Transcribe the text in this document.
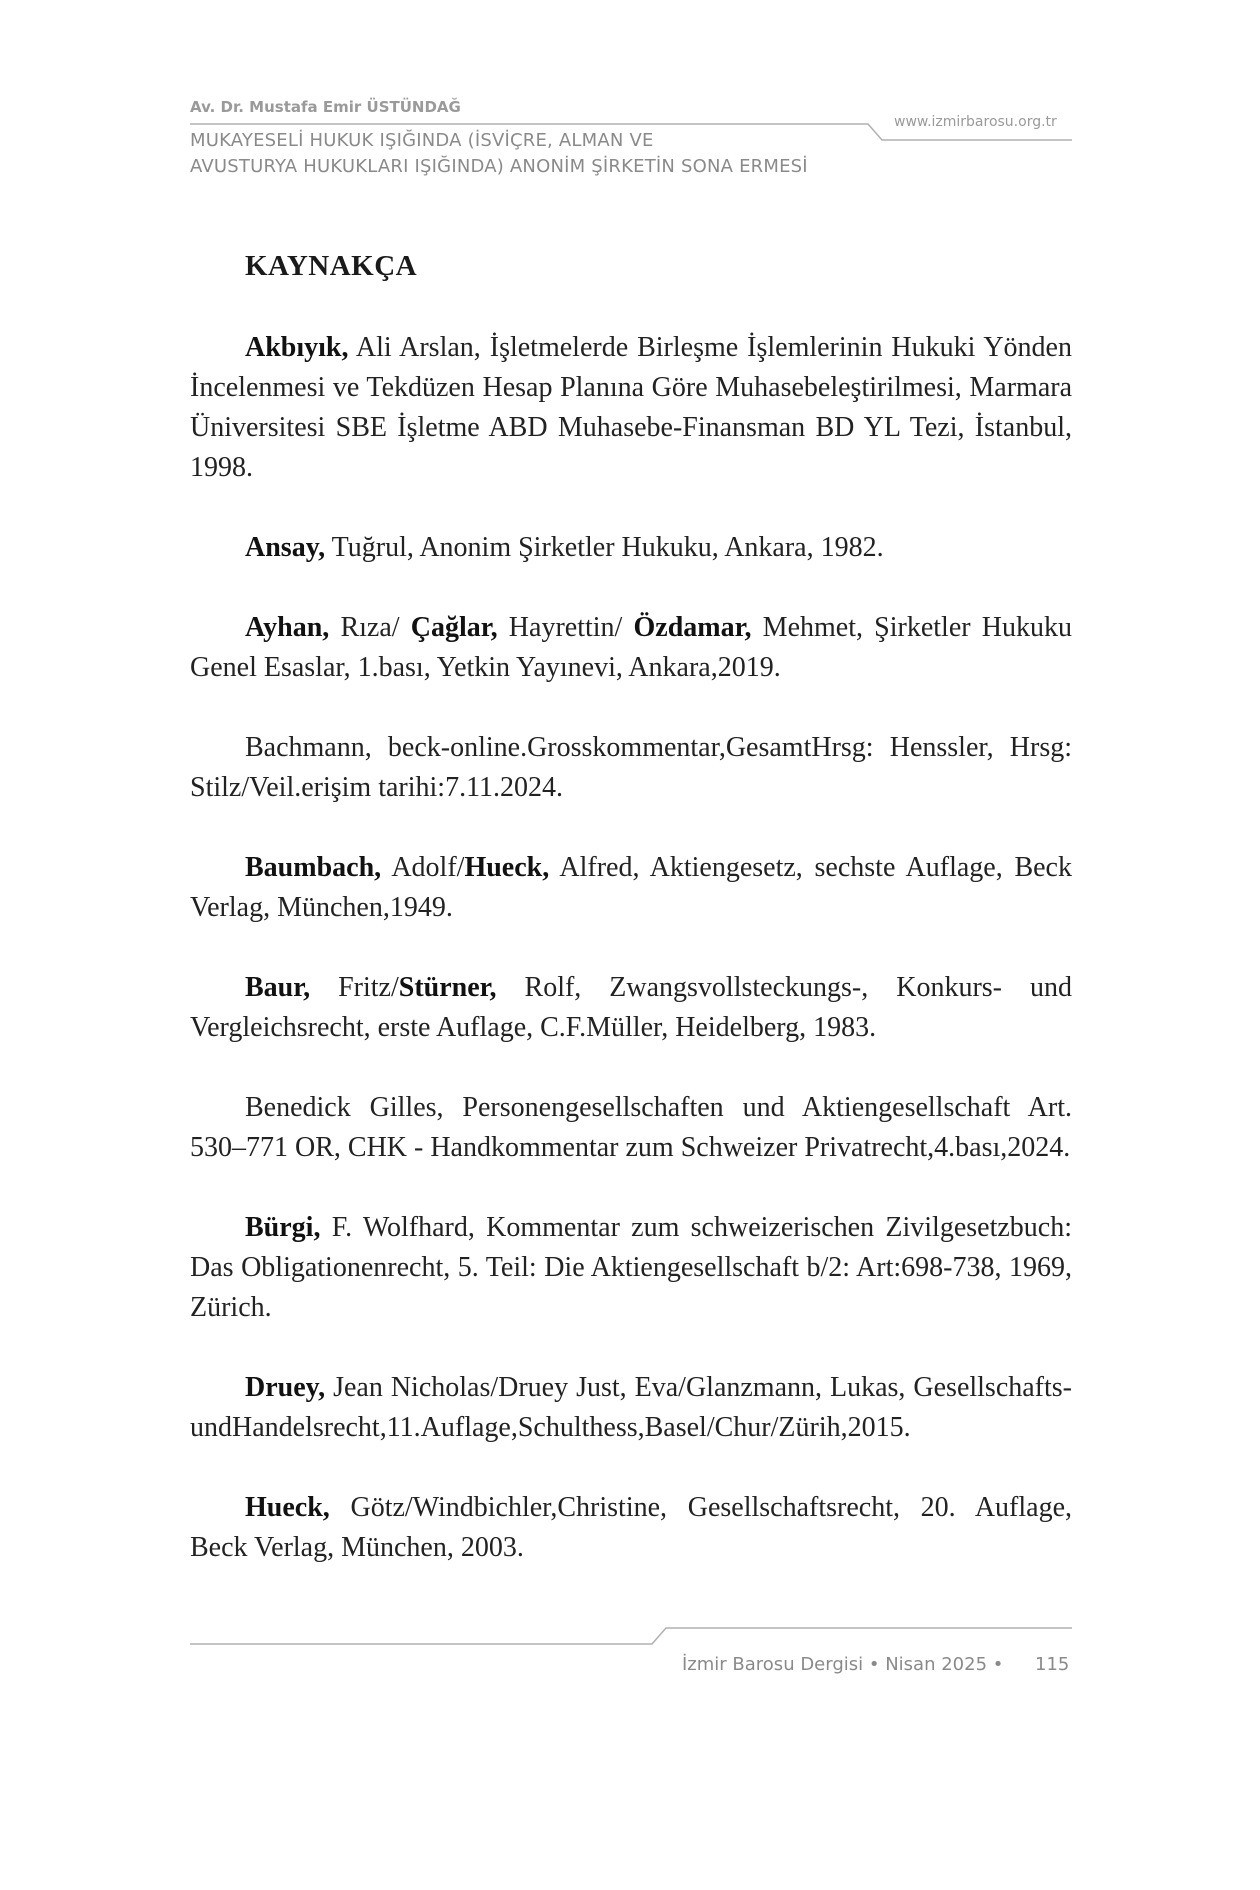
Av. Dr. Mustafa Emir ÜSTÜNDAĞ
MUKAYESELİ HUKUK IŞIĞINDA (İSVİÇRE, ALMAN VE
AVUSTURYA HUKUKLARI IŞIĞINDA) ANONİM ŞİRKETİN SONA ERMESİ
www.izmirbarosu.org.tr
KAYNAKÇA

Akbıyık, Ali Arslan, İşletmelerde Birleşme İşlemlerinin Hukuki Yönden İncelenmesi ve Tekdüzen Hesap Planına Göre Muhasebeleştirilmesi, Marmara Üniversitesi SBE İşletme ABD Muhasebe-Finansman BD YL Tezi, İstanbul, 1998.

Ansay, Tuğrul, Anonim Şirketler Hukuku, Ankara, 1982.

Ayhan, Rıza/ Çağlar, Hayrettin/ Özdamar, Mehmet, Şirketler Hukuku Genel Esaslar, 1.bası, Yetkin Yayınevi, Ankara,2019.

Bachmann, beck-online.Grosskommentar,GesamtHrsg: Henssler, Hrsg: Stilz/Veil.erişim tarihi:7.11.2024.

Baumbach, Adolf/Hueck, Alfred, Aktiengesetz, sechste Auflage, Beck Verlag, München,1949.

Baur, Fritz/Stürner, Rolf, Zwangsvollsteckungs-, Konkurs- und Vergleichsrecht, erste Auflage, C.F.Müller, Heidelberg, 1983.

Benedick Gilles, Personengesellschaften und Aktiengesellschaft Art. 530–771 OR, CHK - Handkommentar zum Schweizer Privatrecht,4.bası,2024.

Bürgi, F. Wolfhard, Kommentar zum schweizerischen Zivilgesetzbuch: Das Obligationenrecht, 5. Teil: Die Aktiengesellschaft b/2: Art:698-738, 1969, Zürich.

Druey, Jean Nicholas/Druey Just, Eva/Glanzmann, Lukas, Gesellschafts-undHandelsrecht,11.Auflage,Schulthess,Basel/Chur/Zürih,2015.

Hueck, Götz/Windbichler,Christine, Gesellschaftsrecht, 20. Auflage, Beck Verlag, München, 2003.

İzmir Barosu Dergisi • Nisan 2025 • 115
